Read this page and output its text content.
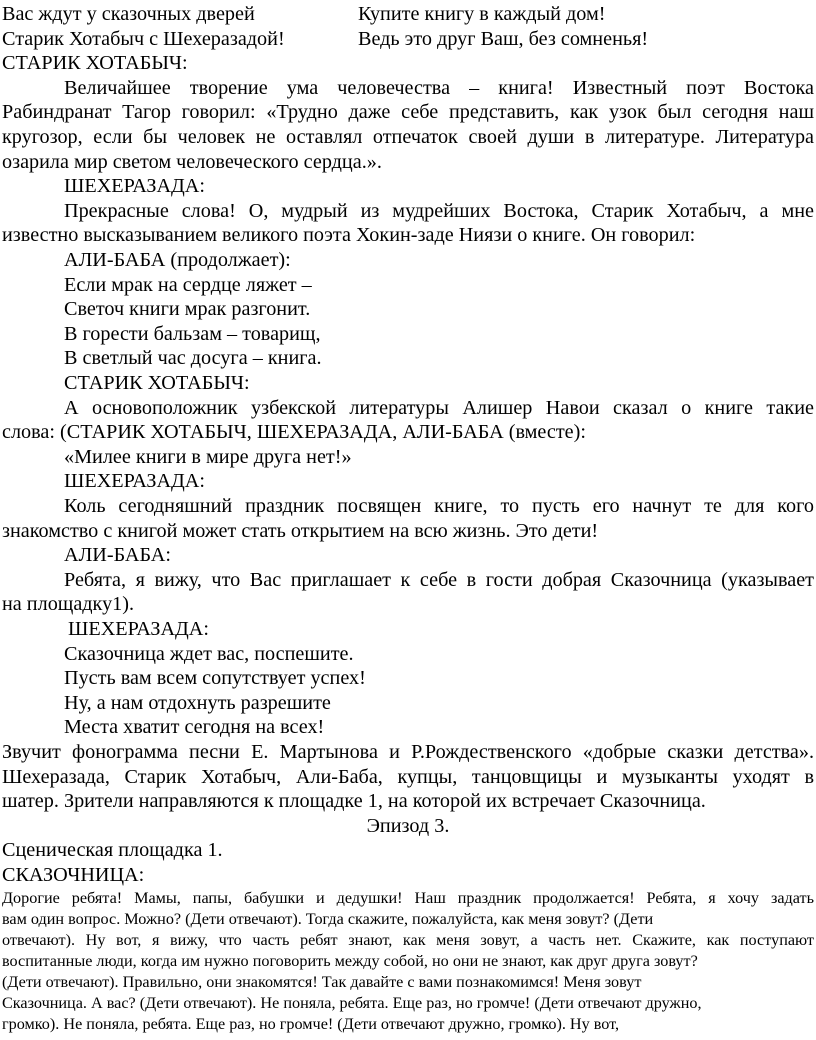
Вас ждут у сказочных дверей	Купите книгу в каждый дом!
Старик Хотабыч с Шехеразадой!	Ведь это друг Ваш, без сомненья!
СТАРИК ХОТАБЫЧ:
Величайшее творение ума человечества – книга! Известный поэт Востока
Рабиндранат Тагор говорил: «Трудно даже себе представить, как узок был сегодня наш
кругозор, если бы человек не оставлял отпечаток своей души в литературе. Литература
озарила мир светом человеческого сердца.».
ШЕХЕРАЗАДА:
Прекрасные слова! О, мудрый из мудрейших Востока, Старик Хотабыч, а мне
известно высказыванием великого поэта Хокин-заде Ниязи о книге. Он говорил:
АЛИ-БАБА (продолжает):
Если мрак на сердце ляжет –
Светоч книги мрак разгонит.
В горести бальзам – товарищ,
В светлый час досуга – книга.
СТАРИК ХОТАБЫЧ:
А основоположник узбекской литературы Алишер Навои сказал о книге такие
слова: (СТАРИК ХОТАБЫЧ, ШЕХЕРАЗАДА, АЛИ-БАБА (вместе):
«Милее книги в мире друга нет!»
ШЕХЕРАЗАДА:
Коль сегодняшний праздник посвящен книге, то пусть его начнут те для кого
знакомство с книгой может стать открытием на всю жизнь. Это дети!
АЛИ-БАБА:
Ребята, я вижу, что Вас приглашает к себе в гости добрая Сказочница (указывает
на площадку1).
ШЕХЕРАЗАДА:
Сказочница ждет вас, поспешите.
Пусть вам всем сопутствует успех!
Ну, а нам отдохнуть разрешите
Места хватит сегодня на всех!
Звучит фонограмма песни Е. Мартынова и Р.Рождественского «добрые сказки детства».
Шехеразада, Старик Хотабыч, Али-Баба, купцы, танцовщицы и музыканты уходят в
шатер. Зрители направляются к площадке 1, на которой их встречает Сказочница.
Эпизод 3.
Сценическая площадка 1.
СКАЗОЧНИЦА:
Дорогие ребята! Мамы, папы, бабушки и дедушки! Наш праздник продолжается! Ребята, я хочу задать
вам один вопрос. Можно? (Дети отвечают). Тогда скажите, пожалуйста, как меня зовут? (Дети
отвечают). Ну вот, я вижу, что часть ребят знают, как меня зовут, а часть нет. Скажите, как поступают
воспитанные люди, когда им нужно поговорить между собой, но они не знают, как друг друга зовут?
(Дети отвечают). Правильно, они знакомятся! Так давайте с вами познакомимся! Меня зовут
Сказочница. А вас? (Дети отвечают). Не поняла, ребята. Еще раз, но громче! (Дети отвечают дружно,
громко). Не поняла, ребята. Еще раз, но громче! (Дети отвечают дружно, громко). Ну вот,
